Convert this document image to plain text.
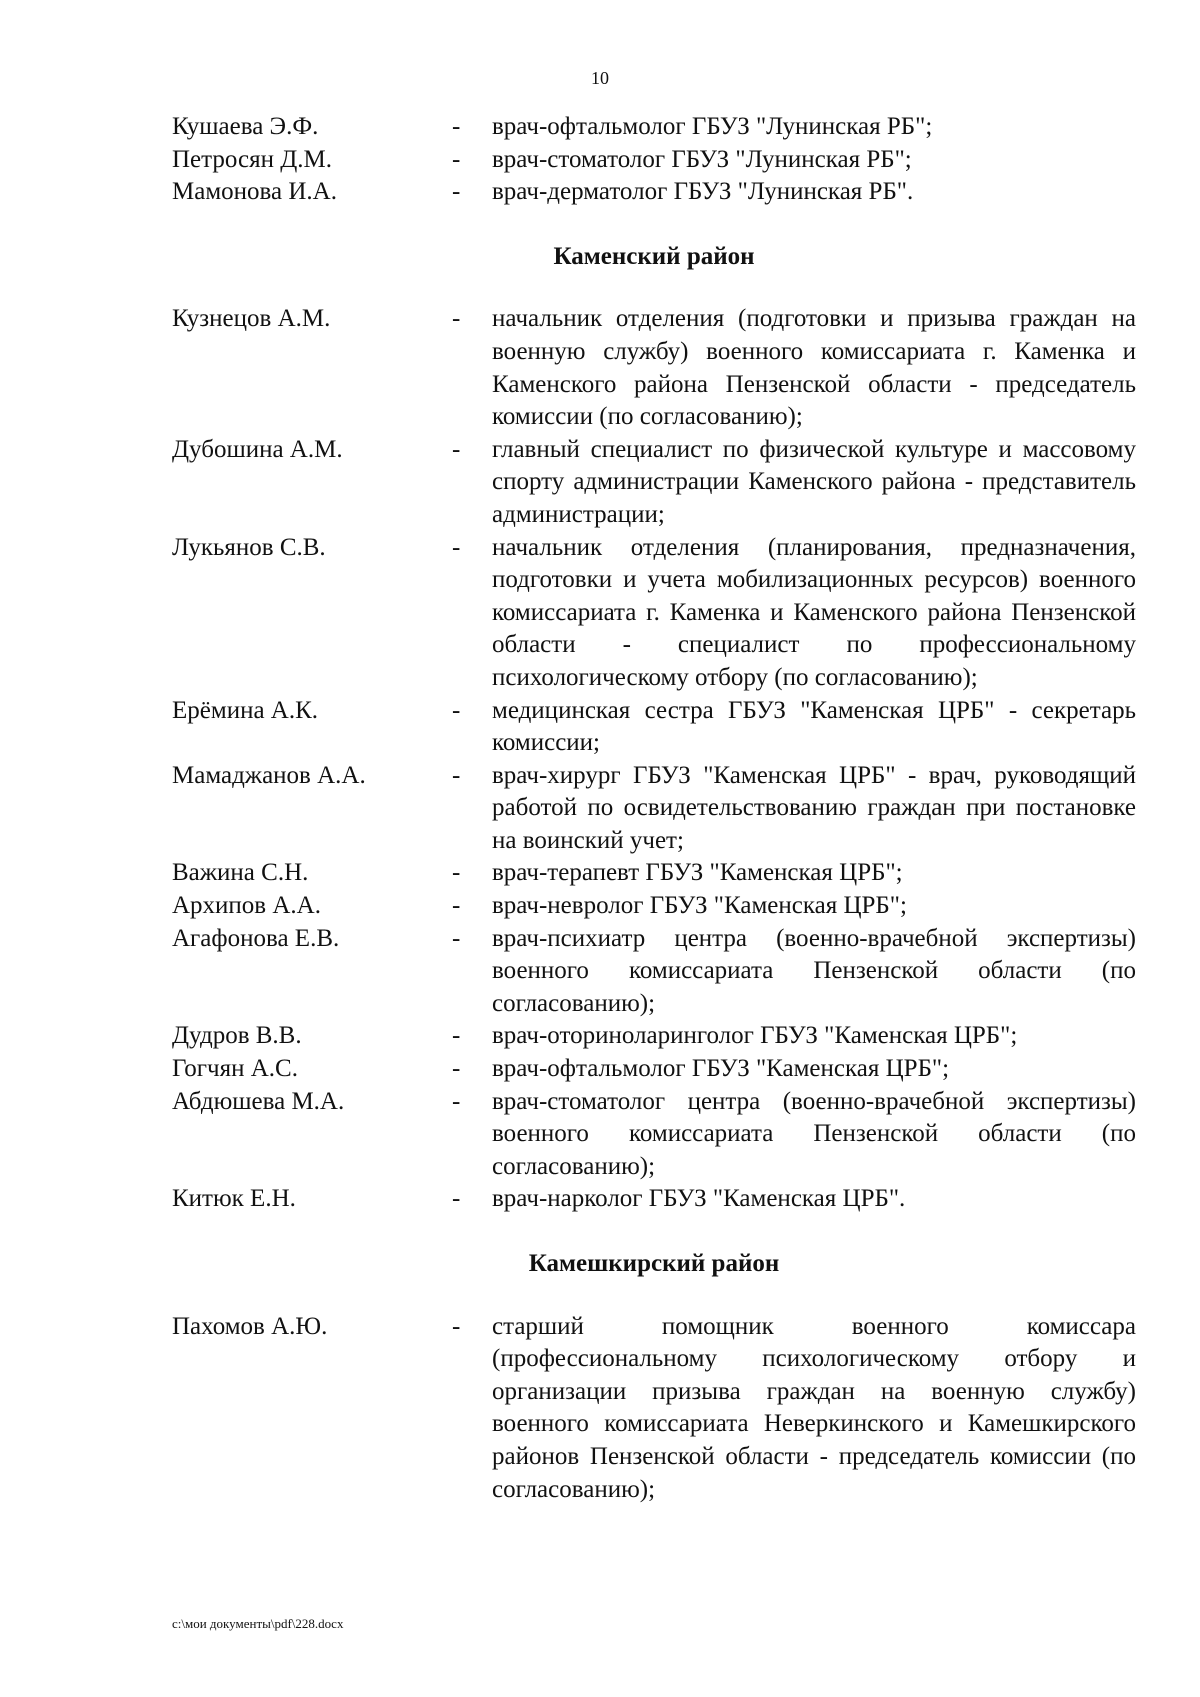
10
Кушаева Э.Ф.	-	врач-офтальмолог ГБУЗ "Лунинская РБ";
Петросян Д.М.	-	врач-стоматолог ГБУЗ "Лунинская РБ";
Мамонова И.А.	-	врач-дерматолог ГБУЗ "Лунинская РБ".
Каменский район
Кузнецов А.М.	-	начальник отделения (подготовки и призыва граждан на военную службу) военного комиссариата г. Каменка и Каменского района Пензенской области - председатель комиссии (по согласованию);
Дубошина А.М.	-	главный специалист по физической культуре и массовому спорту администрации Каменского района - представитель администрации;
Лукьянов С.В.	-	начальник отделения (планирования, предназначения, подготовки и учета мобилизационных ресурсов) военного комиссариата г. Каменка и Каменского района Пензенской области - специалист по профессиональному психологическому отбору (по согласованию);
Ерёмина А.К.	-	медицинская сестра ГБУЗ "Каменская ЦРБ" - секретарь комиссии;
Мамаджанов А.А.	-	врач-хирург ГБУЗ "Каменская ЦРБ" - врач, руководящий работой по освидетельствованию граждан при постановке на воинский учет;
Важина С.Н.	-	врач-терапевт ГБУЗ "Каменская ЦРБ";
Архипов А.А.	-	врач-невролог ГБУЗ "Каменская ЦРБ";
Агафонова Е.В.	-	врач-психиатр центра (военно-врачебной экспертизы) военного комиссариата Пензенской области (по согласованию);
Дудров В.В.	-	врач-оториноларинголог ГБУЗ "Каменская ЦРБ";
Гогчян А.С.	-	врач-офтальмолог ГБУЗ "Каменская ЦРБ";
Абдюшева М.А.	-	врач-стоматолог центра (военно-врачебной экспертизы) военного комиссариата Пензенской области (по согласованию);
Китюк Е.Н.	-	врач-нарколог ГБУЗ "Каменская ЦРБ".
Камешкирский район
Пахомов А.Ю.	-	старший помощник военного комиссара (профессиональному психологическому отбору и организации призыва граждан на военную службу) военного комиссариата Неверкинского и Камешкирского районов Пензенской области - председатель комиссии (по согласованию);
c:\мои документы\pdf\228.docx
